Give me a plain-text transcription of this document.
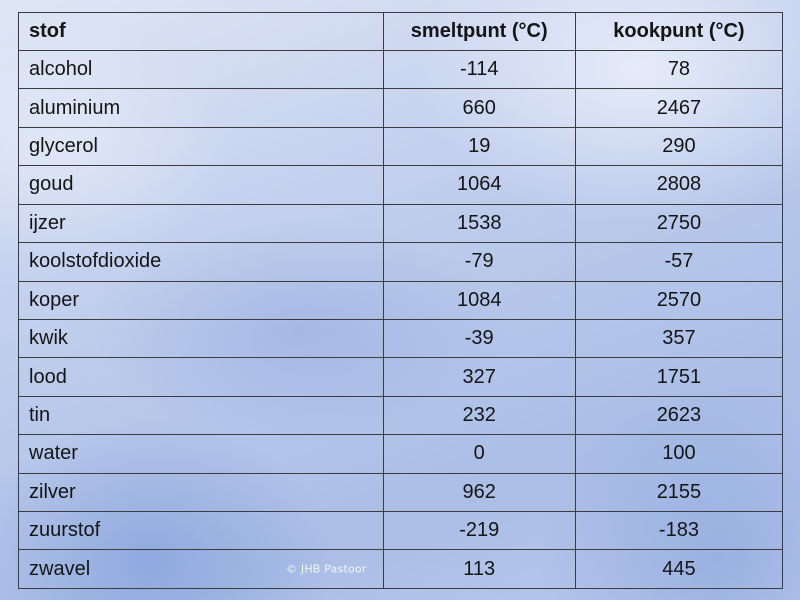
stof	smeltpunt (°C)	kookpunt (°C)
alcohol	-114	78
aluminium	660	2467
glycerol	19	290
goud	1064	2808
ijzer	1538	2750
koolstofdioxide	-79	-57
koper	1084	2570
kwik	-39	357
lood	327	1751
tin	232	2623
water	0	100
zilver	962	2155
zuurstof	-219	-183
zwavel © JHB Pastoor	113	445
